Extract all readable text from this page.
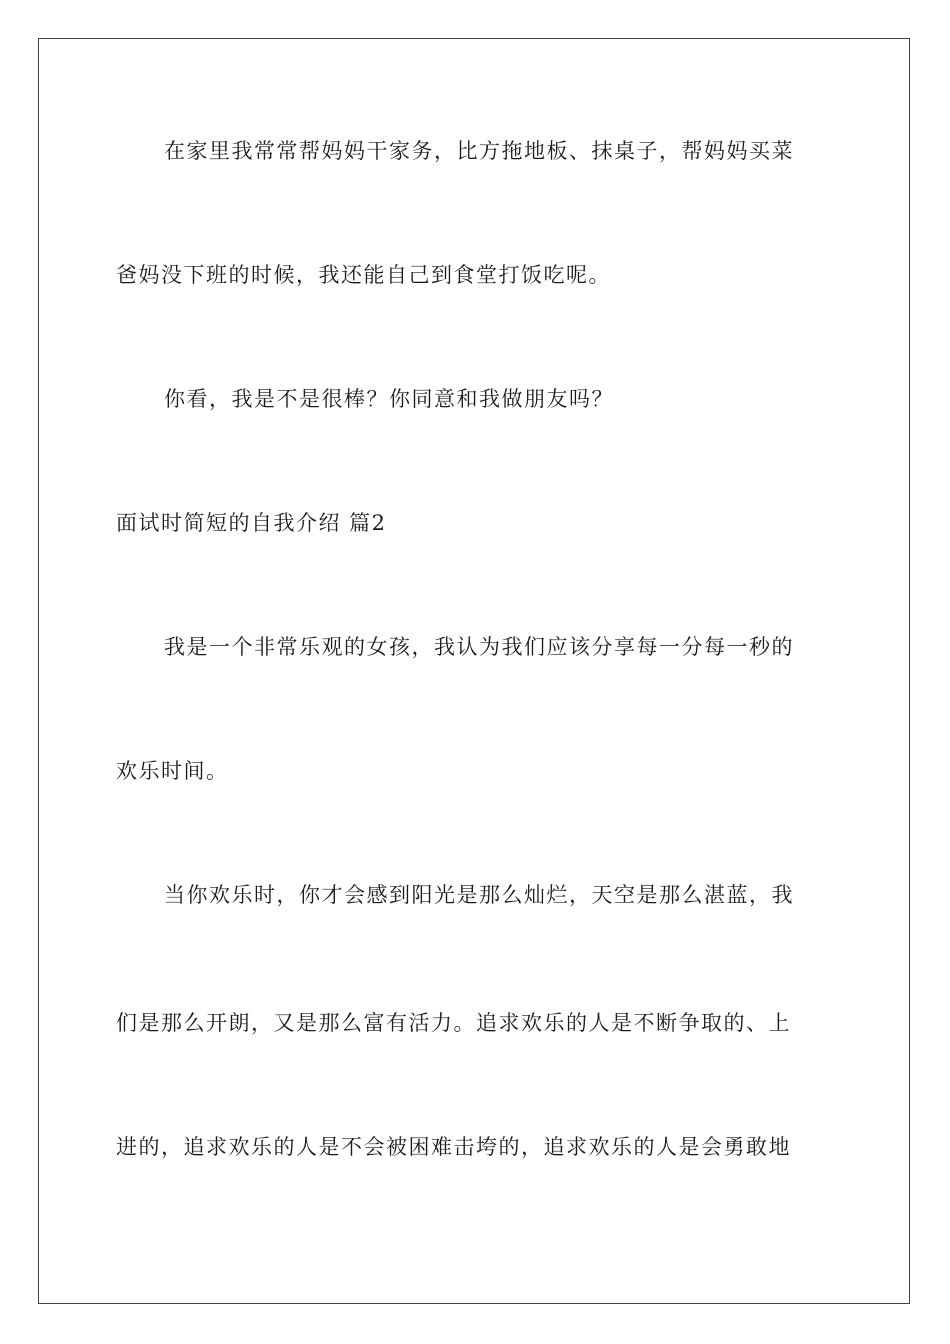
在家里我常常帮妈妈干家务，比方拖地板、抹桌子，帮妈妈买菜
爸妈没下班的时候，我还能自己到食堂打饭吃呢。
你看，我是不是很棒？你同意和我做朋友吗？
面试时简短的自我介绍 篇2
我是一个非常乐观的女孩，我认为我们应该分享每一分每一秒的
欢乐时间。
当你欢乐时，你才会感到阳光是那么灿烂，天空是那么湛蓝，我
们是那么开朗，又是那么富有活力。追求欢乐的人是不断争取的、上
进的，追求欢乐的人是不会被困难击垮的，追求欢乐的人是会勇敢地
